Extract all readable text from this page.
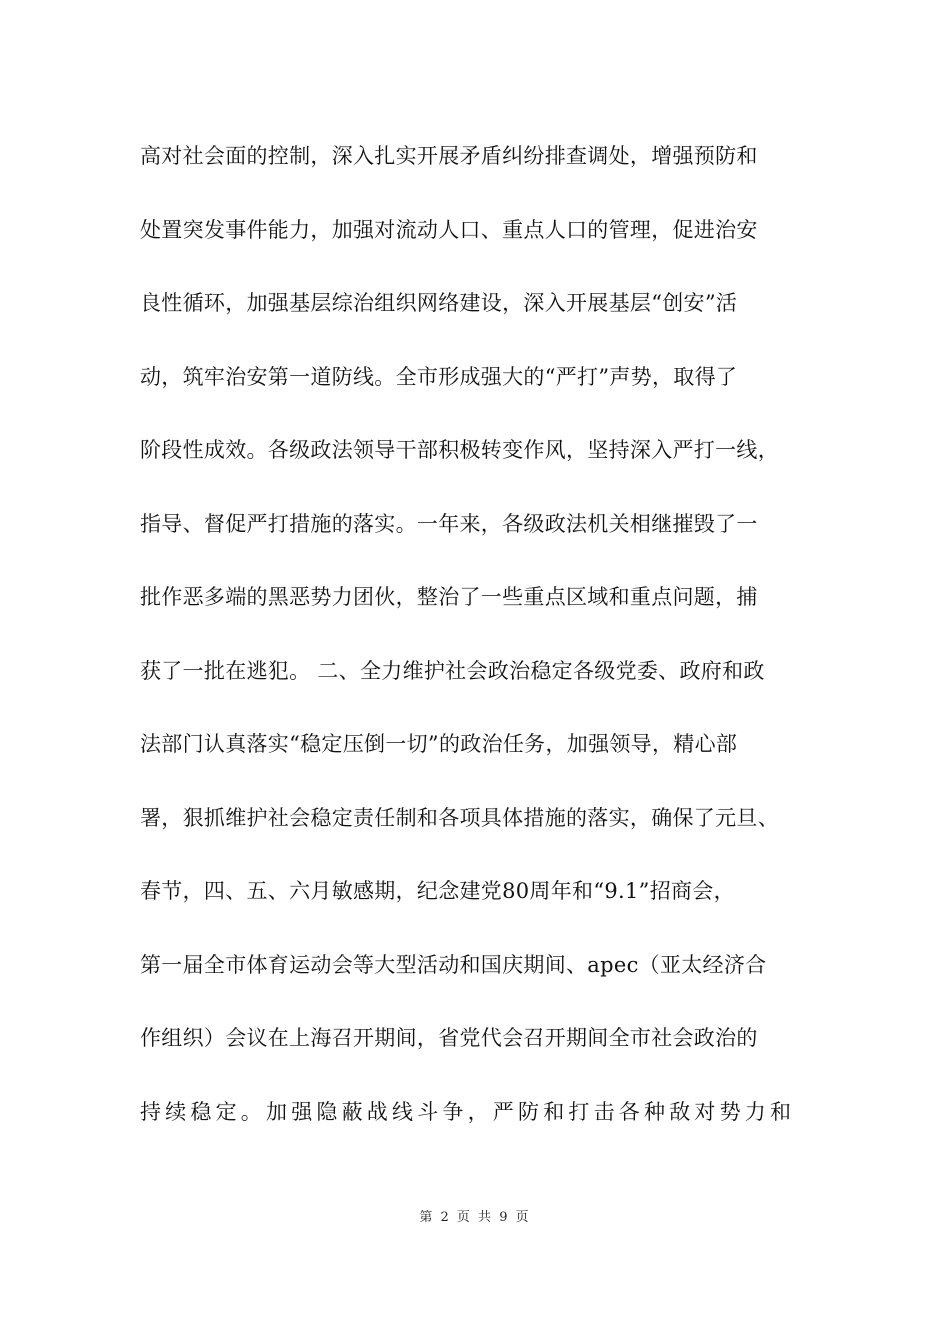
高对社会面的控制，深入扎实开展矛盾纠纷排查调处，增强预防和
处置突发事件能力，加强对流动人口、重点人口的管理，促进治安
良性循环，加强基层综治组织网络建设，深入开展基层“创安”活
动，筑牢治安第一道防线。全市形成强大的“严打”声势，取得了
阶段性成效。各级政法领导干部积极转变作风，坚持深入严打一线，
指导、督促严打措施的落实。一年来，各级政法机关相继摧毁了一
批作恶多端的黑恶势力团伙，整治了一些重点区域和重点问题，捕
获了一批在逃犯。 二、全力维护社会政治稳定各级党委、政府和政
法部门认真落实“稳定压倒一切”的政治任务，加强领导，精心部
署，狠抓维护社会稳定责任制和各项具体措施的落实，确保了元旦、
春节，四、五、六月敏感期，纪念建党80周年和“9.1”招商会，
第一届全市体育运动会等大型活动和国庆期间、apec（亚太经济合
作组织）会议在上海召开期间，省党代会召开期间全市社会政治的
持续稳定。加强隐蔽战线斗争，严防和打击各种敌对势力和
第 2 页 共 9 页
